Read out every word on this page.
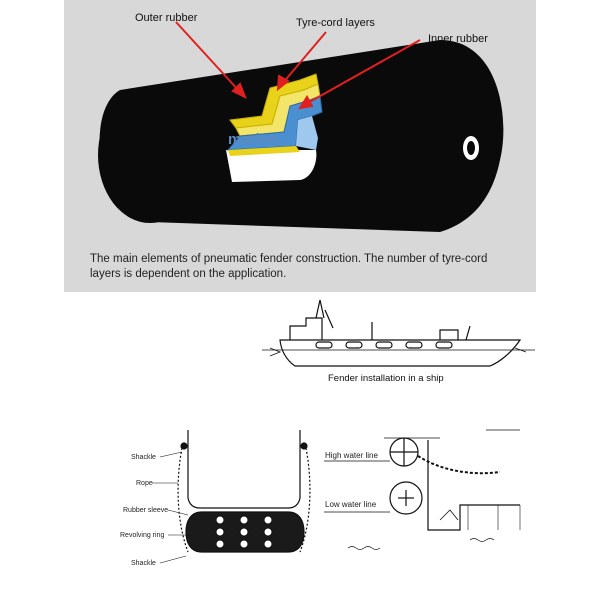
Outer rubber	Tyre-cord layers
Inner rubber
marine.
The main elements of pneumatic fender construction. The number of tyre-cord
layers is dependent on the application.
Fender installation in a ship
Shackle
Rope
Rubber sleeve
Revolving ring
Shackle
High water line
Low water line
